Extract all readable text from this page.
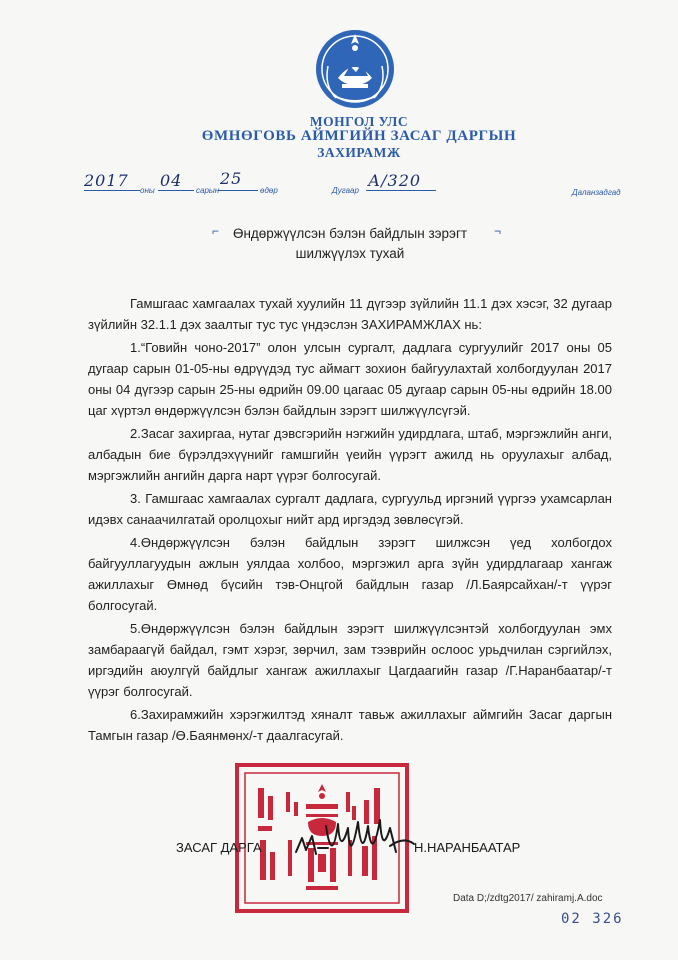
МОНГОЛ УЛС
ӨМНӨГОВЬ АЙМГИЙН ЗАСАГ ДАРГЫН
ЗАХИРАМЖ
2017
оны
04
сарын
25
өдөр	Дугаар
А/320
Даланзадгад
⌐	¬
Өндөржүүлсэн бэлэн байдлын зэрэгт
шилжүүлэх тухай

Гамшгаас хамгаалах тухай хуулийн 11 дүгээр зүйлийн 11.1 дэх хэсэг, 32 дугаар зүйлийн 32.1.1 дэх заалтыг тус тус үндэслэн ЗАХИРАМЖЛАХ нь:

1.“Говийн чоно-2017” олон улсын сургалт, дадлага сургуулийг 2017 оны 05 дугаар сарын 01-05-ны өдрүүдэд тус аймагт зохион байгуулахтай холбогдуулан 2017 оны 04 дүгээр сарын 25-ны өдрийн 09.00 цагаас 05 дугаар сарын 05-ны өдрийн 18.00 цаг хүртэл өндөржүүлсэн бэлэн байдлын зэрэгт шилжүүлсүгэй.

2.Засаг захиргаа, нутаг дэвсгэрийн нэгжийн удирдлага, штаб, мэргэжлийн анги, албадын бие бүрэлдэхүүнийг гамшгийн үеийн үүрэгт ажилд нь оруулахыг албад, мэргэжлийн ангийн дарга нарт үүрэг болгосугай.

3. Гамшгаас хамгаалах сургалт дадлага, сургуульд иргэний үүргээ ухамсарлан идэвх санаачилгатай оролцохыг нийт ард иргэдэд зөвлөсүгэй.

4.Өндөржүүлсэн бэлэн байдлын зэрэгт шилжсэн үед холбогдох байгууллагуудын ажлын уялдаа холбоо, мэргэжил арга зүйн удирдлагаар хангаж ажиллахыг Өмнөд бүсийн тэв-Онцгой байдлын газар /Л.Баярсайхан/-т үүрэг болгосугай.

5.Өндөржүүлсэн бэлэн байдлын зэрэгт шилжүүлсэнтэй холбогдуулан эмх замбараагүй байдал, гэмт хэрэг, зөрчил, зам тээврийн ослоос урьдчилан сэргийлэх, иргэдийн аюулгүй байдлыг хангаж ажиллахыг Цагдаагийн газар /Г.Наранбаатар/-т үүрэг болгосугай.

6.Захирамжийн хэрэгжилтэд хяналт тавьж ажиллахыг аймгийн Засаг даргын Тамгын газар /Ө.Баянмөнх/-т даалгасугай.

ЗАСАГ ДАРГА	Н.НАРАНБААТАР
Data D;/zdtg2017/ zahiramj.A.doc
02 326
